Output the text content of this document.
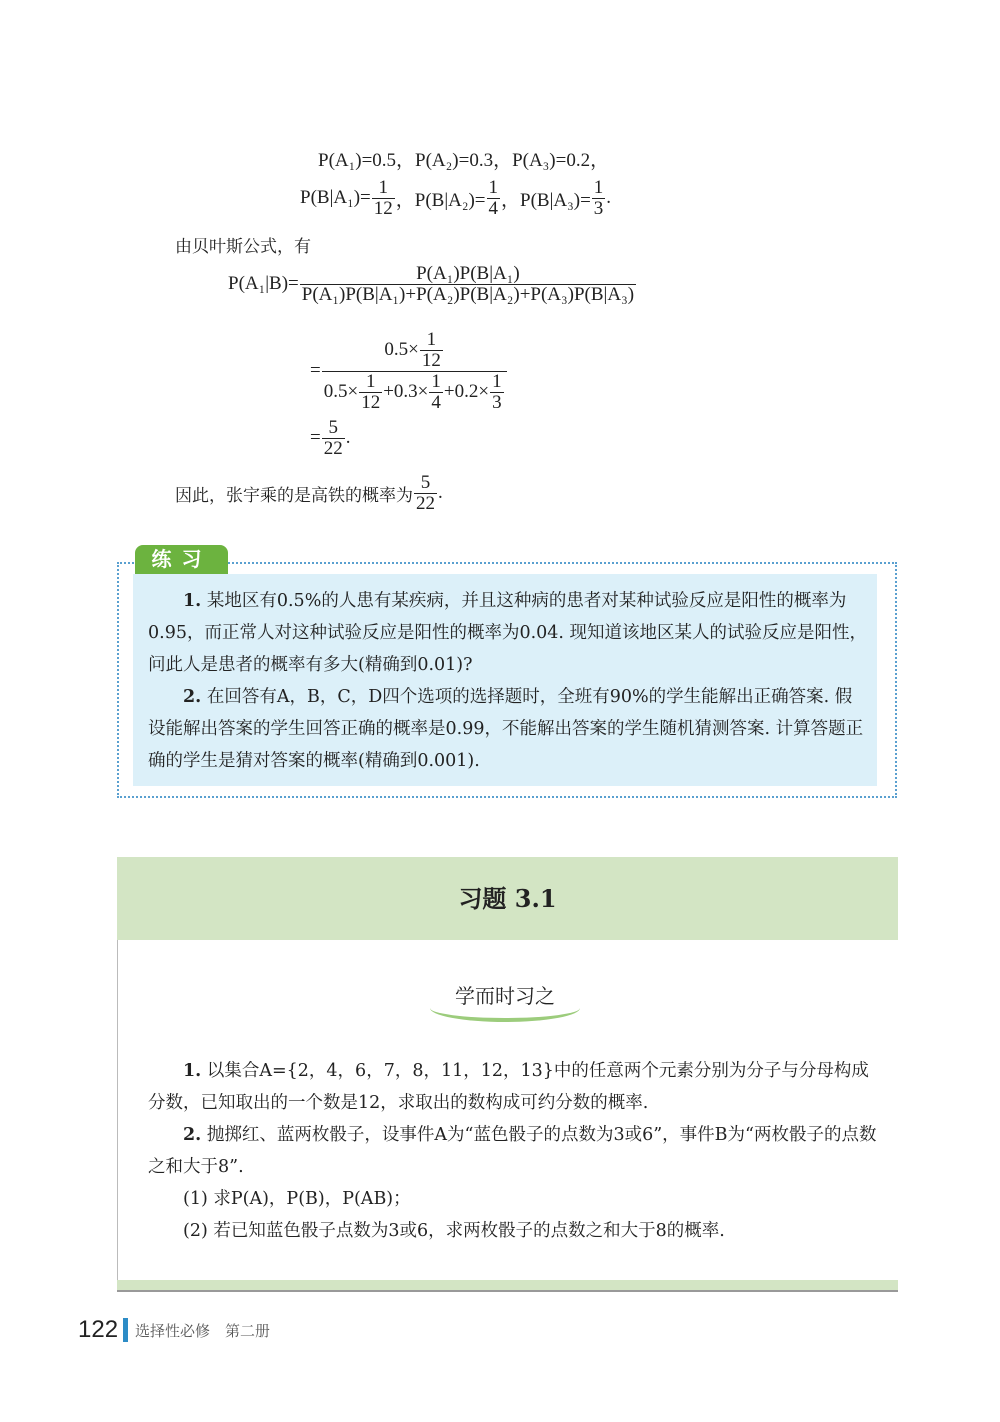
P(A₁)=0.5，P(A₂)=0.3，P(A₃)=0.2，
$P(B|A_1)= \frac{1}{12}$ ，$P(B|A_2)= \frac{1}{4}$ ，$P(B|A_3)= \frac{1}{3}$ .
由贝叶斯公式，有
$P(A_1|B)= \frac{\text{P(A₁)P(B|A₁)}}{\text{P(A₁)P(B|A₁)+P(A₂)P(B|A₂)+P(A₃)P(B|A₃)}}$
= $\frac{0.5\times \frac{1}{12}}{0.5\times \frac{1}{12} +0.3\times \frac{1}{4} +0.2\times \frac{1}{3}}$
= $\frac{5}{22}$ .
因此，张宇乘的是高铁的概率为 $\frac{5}{22}$ .
练习

1. 某地区有0.5%的人患有某疾病，并且这种病的患者对某种试验反应是阳性的概率为0.95，而正常人对这种试验反应是阳性的概率为0.04. 现知道该地区某人的试验反应是阳性，问此人是患者的概率有多大(精确到0.01)?

2. 在回答有A，B，C，D四个选项的选择题时，全班有90%的学生能解出正确答案. 假设能解出答案的学生回答正确的概率是0.99，不能解出答案的学生随机猜测答案. 计算答题正确的学生是猜对答案的概率(精确到0.001).

习题 3.1
学而时习之

1. 以集合A={2，4，6，7，8，11，12，13}中的任意两个元素分别为分子与分母构成分数，已知取出的一个数是12，求取出的数构成可约分数的概率.

2. 抛掷红、蓝两枚骰子，设事件A为“蓝色骰子的点数为3或6”，事件B为“两枚骰子的点数之和大于8”.

(1) 求P(A)，P(B)，P(AB)；

(2) 若已知蓝色骰子点数为3或6，求两枚骰子的点数之和大于8的概率.

122 选择性必修　第二册
